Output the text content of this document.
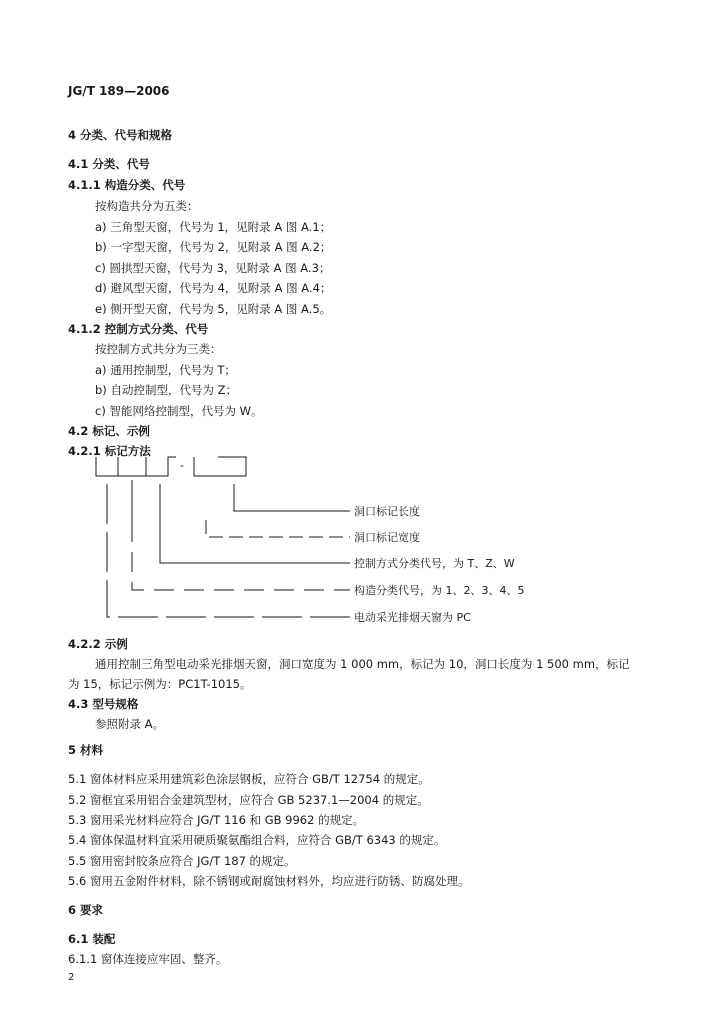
JG/T 189—2006
4 分类、代号和规格
4.1 分类、代号
4.1.1 构造分类、代号
按构造共分为五类：
a) 三角型天窗，代号为 1，见附录 A 图 A.1；
b) 一字型天窗，代号为 2，见附录 A 图 A.2；
c) 圆拱型天窗，代号为 3，见附录 A 图 A.3；
d) 避风型天窗，代号为 4，见附录 A 图 A.4；
e) 侧开型天窗，代号为 5，见附录 A 图 A.5。
4.1.2 控制方式分类、代号
按控制方式共分为三类：
a) 通用控制型，代号为 T；
b) 自动控制型，代号为 Z；
c) 智能网络控制型，代号为 W。
4.2 标记、示例
4.2.1 标记方法
4.2.2 示例
通用控制三角型电动采光排烟天窗，洞口宽度为 1 000 mm，标记为 10，洞口长度为 1 500 mm，标记
为 15，标记示例为：PC1T-1015。
4.3 型号规格
参照附录 A。
5 材料
5.1 窗体材料应采用建筑彩色涂层钢板，应符合 GB/T 12754 的规定。
5.2 窗框宜采用铝合金建筑型材，应符合 GB 5237.1—2004 的规定。
5.3 窗用采光材料应符合 JG/T 116 和 GB 9962 的规定。
5.4 窗体保温材料宜采用硬质聚氨酯组合料，应符合 GB/T 6343 的规定。
5.5 窗用密封胶条应符合 JG/T 187 的规定。
5.6 窗用五金附件材料，除不锈钢或耐腐蚀材料外，均应进行防锈、防腐处理。
6 要求
6.1 装配
6.1.1 窗体连接应牢固、整齐。
-
洞口标记长度
洞口标记宽度
控制方式分类代号，为 T、Z、W
构造分类代号，为 1、2、3、4、5
电动采光排烟天窗为 PC
2
